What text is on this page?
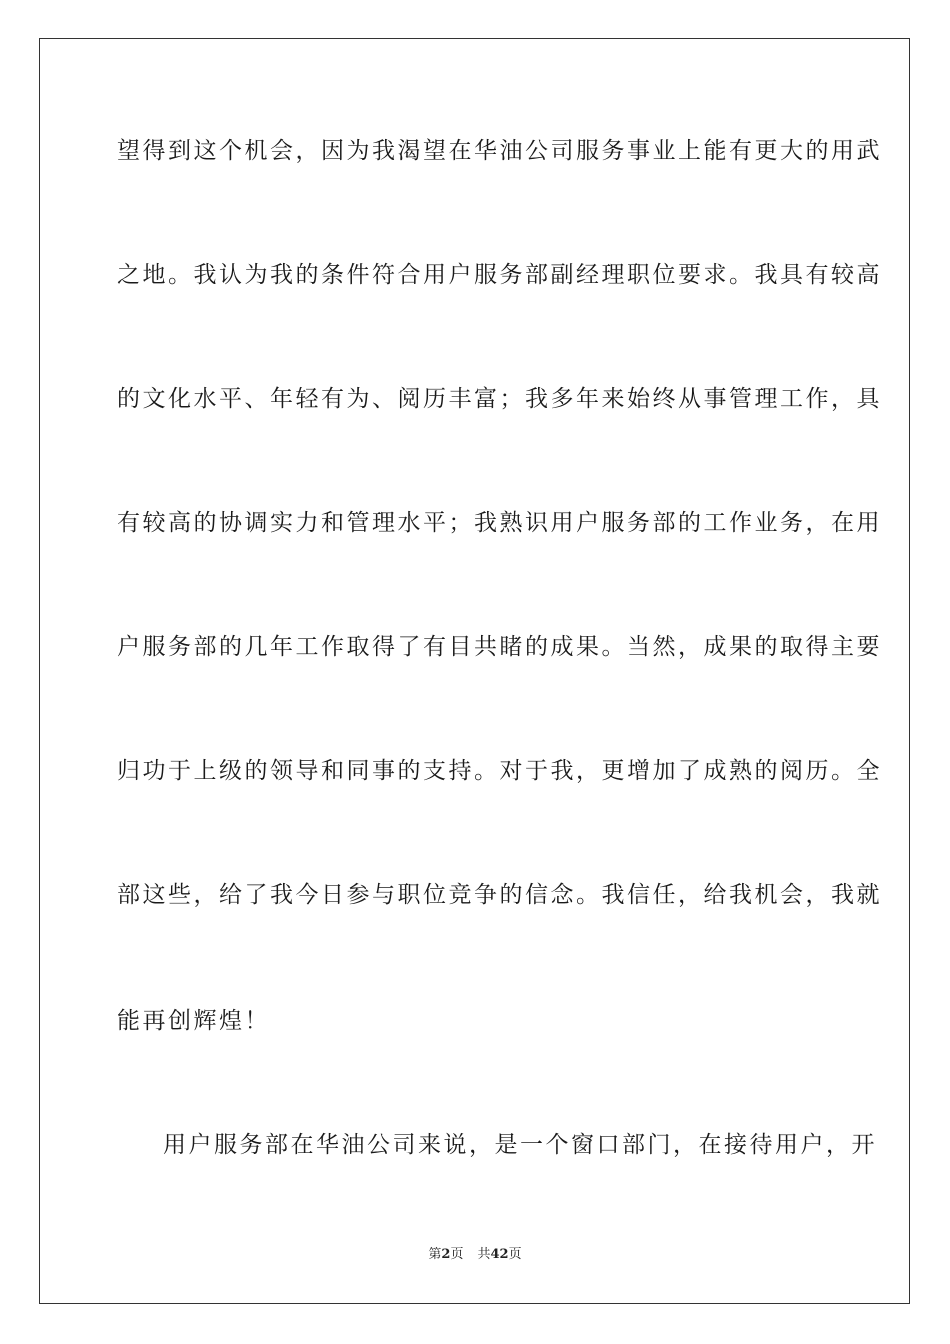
望得到这个机会，因为我渴望在华油公司服务事业上能有更大的用武
之地。我认为我的条件符合用户服务部副经理职位要求。我具有较高
的文化水平、年轻有为、阅历丰富；我多年来始终从事管理工作，具
有较高的协调实力和管理水平；我熟识用户服务部的工作业务，在用
户服务部的几年工作取得了有目共睹的成果。当然，成果的取得主要
归功于上级的领导和同事的支持。对于我，更增加了成熟的阅历。全
部这些，给了我今日参与职位竞争的信念。我信任，给我机会，我就
能再创辉煌！
用户服务部在华油公司来说，是一个窗口部门，在接待用户，开
第2页 共42页
